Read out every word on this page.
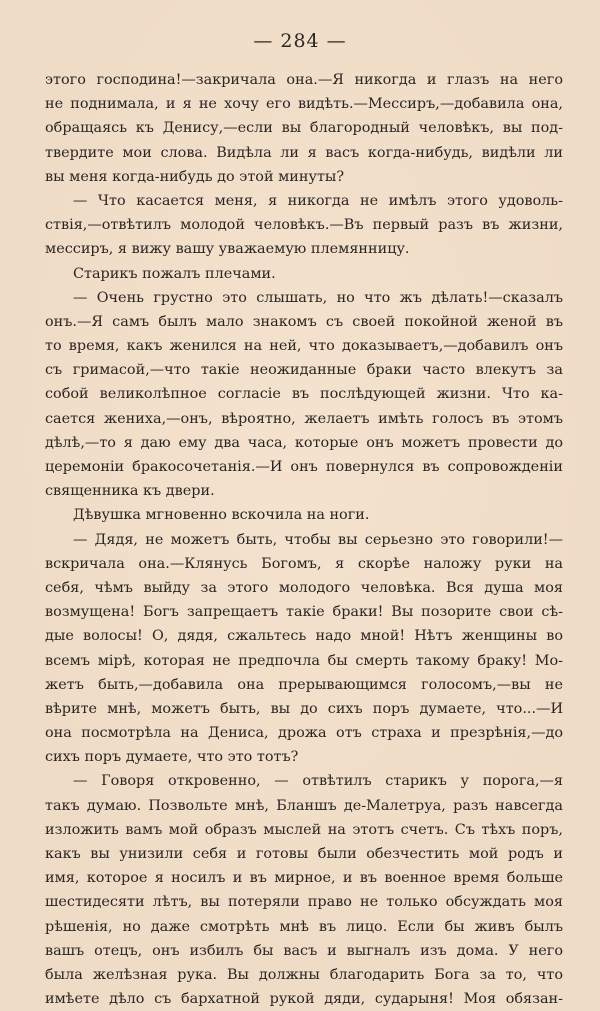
— 284 —
этого господина!—закричала она.—Я никогда и глазъ на него
не поднимала, и я не хочу его видѣть.—Мессиръ,—добавила она,
обращаясь къ Денису,—если вы благородный человѣкъ, вы под-
твердите мои слова. Видѣла ли я васъ когда-нибудь, видѣли ли
вы меня когда-нибудь до этой минуты?
— Что касается меня, я никогда не имѣлъ этого удоволь-
ствія,—отвѣтилъ молодой человѣкъ.—Въ первый разъ въ жизни,
мессиръ, я вижу вашу уважаемую племянницу.
Старикъ пожалъ плечами.
— Очень грустно это слышать, но что жъ дѣлать!—сказалъ
онъ.—Я самъ былъ мало знакомъ съ своей покойной женой въ
то время, какъ женился на ней, что доказываетъ,—добавилъ онъ
съ гримасой,—что такіе неожиданные браки часто влекутъ за
собой великолѣпное согласіе въ послѣдующей жизни. Что ка-
сается жениха,—онъ, вѣроятно, желаетъ имѣть голосъ въ этомъ
дѣлѣ,—то я даю ему два часа, которые онъ можетъ провести до
церемоніи бракосочетанія.—И онъ повернулся въ сопровожденіи
священника къ двери.
Дѣвушка мгновенно вскочила на ноги.
— Дядя, не можетъ быть, чтобы вы серьезно это говорили!—
вскричала она.—Клянусь Богомъ, я скорѣе наложу руки на
себя, чѣмъ выйду за этого молодого человѣка. Вся душа моя
возмущена! Богъ запрещаетъ такіе браки! Вы позорите свои сѣ-
дые волосы! О, дядя, сжальтесь надо мной! Нѣтъ женщины во
всемъ мірѣ, которая не предпочла бы смерть такому браку! Мо-
жетъ быть,—добавила она прерывающимся голосомъ,—вы не
вѣрите мнѣ, можетъ быть, вы до сихъ поръ думаете, что...—И
она посмотрѣла на Дениса, дрожа отъ страха и презрѣнія,—до
сихъ поръ думаете, что это тотъ?
— Говоря откровенно, — отвѣтилъ старикъ у порога,—я
такъ думаю. Позвольте мнѣ, Бланшъ де-Малетруа, разъ навсегда
изложить вамъ мой образъ мыслей на этотъ счетъ. Съ тѣхъ поръ,
какъ вы унизили себя и готовы были обезчестить мой родъ и
имя, которое я носилъ и въ мирное, и въ военное время больше
шестидесяти лѣтъ, вы потеряли право не только обсуждать моя
рѣшенія, но даже смотрѣть мнѣ въ лицо. Если бы живъ былъ
вашъ отецъ, онъ избилъ бы васъ и выгналъ изъ дома. У него
была желѣзная рука. Вы должны благодарить Бога за то, что
имѣете дѣло съ бархатной рукой дяди, сударыня! Моя обязан-
